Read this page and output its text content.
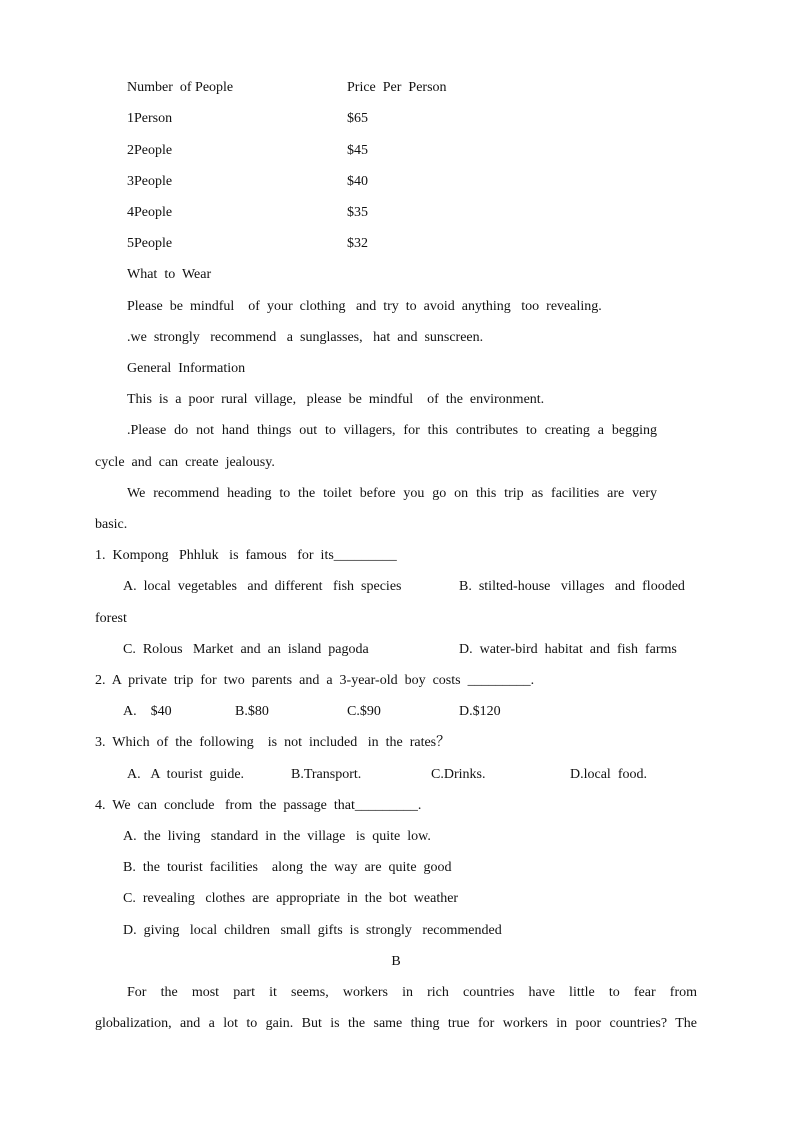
Number  of People	Price  Per  Person
1Person	$65
2People	$45
3People	$40
4People	$35
5People	$32
What  to  Wear
Please  be  mindful    of  your  clothing   and  try  to  avoid  anything   too  revealing.
.we  strongly   recommend   a  sunglasses,   hat  and  sunscreen.
General  Information
This  is  a  poor  rural  village,   please  be  mindful    of  the  environment.
.Please do not hand things out to villagers, for this contributes to creating a begging
cycle  and  can  create  jealousy.
We recommend heading to the toilet before you go on this trip as facilities are very
basic.
1.  Kompong   Phhluk   is  famous   for  its_________
A.  local  vegetables   and  different   fish  species	B.  stilted-house   villages   and  flooded
forest
C.  Rolous   Market  and  an  island  pagoda	D.  water-bird  habitat  and  fish  farms
2.  A  private  trip  for  two  parents  and  a  3-year-old  boy  costs  _________.
A.    $40	B.$80	C.$90	D.$120
3.  Which  of  the  following    is  not  included   in  the  rates？
A.   A  tourist  guide.	B.Transport.	C.Drinks.	D.local  food.
4.  We  can  conclude   from  the  passage  that_________.
A.  the  living   standard  in  the  village   is  quite  low.
B.  the  tourist  facilities    along  the  way  are  quite  good
C.  revealing   clothes  are  appropriate  in  the  bot  weather
D.  giving   local  children   small  gifts  is  strongly   recommended
B
For the most part it seems, workers in rich countries have little to fear from
globalization, and a lot to gain. But is the same thing true for workers in poor countries? The
